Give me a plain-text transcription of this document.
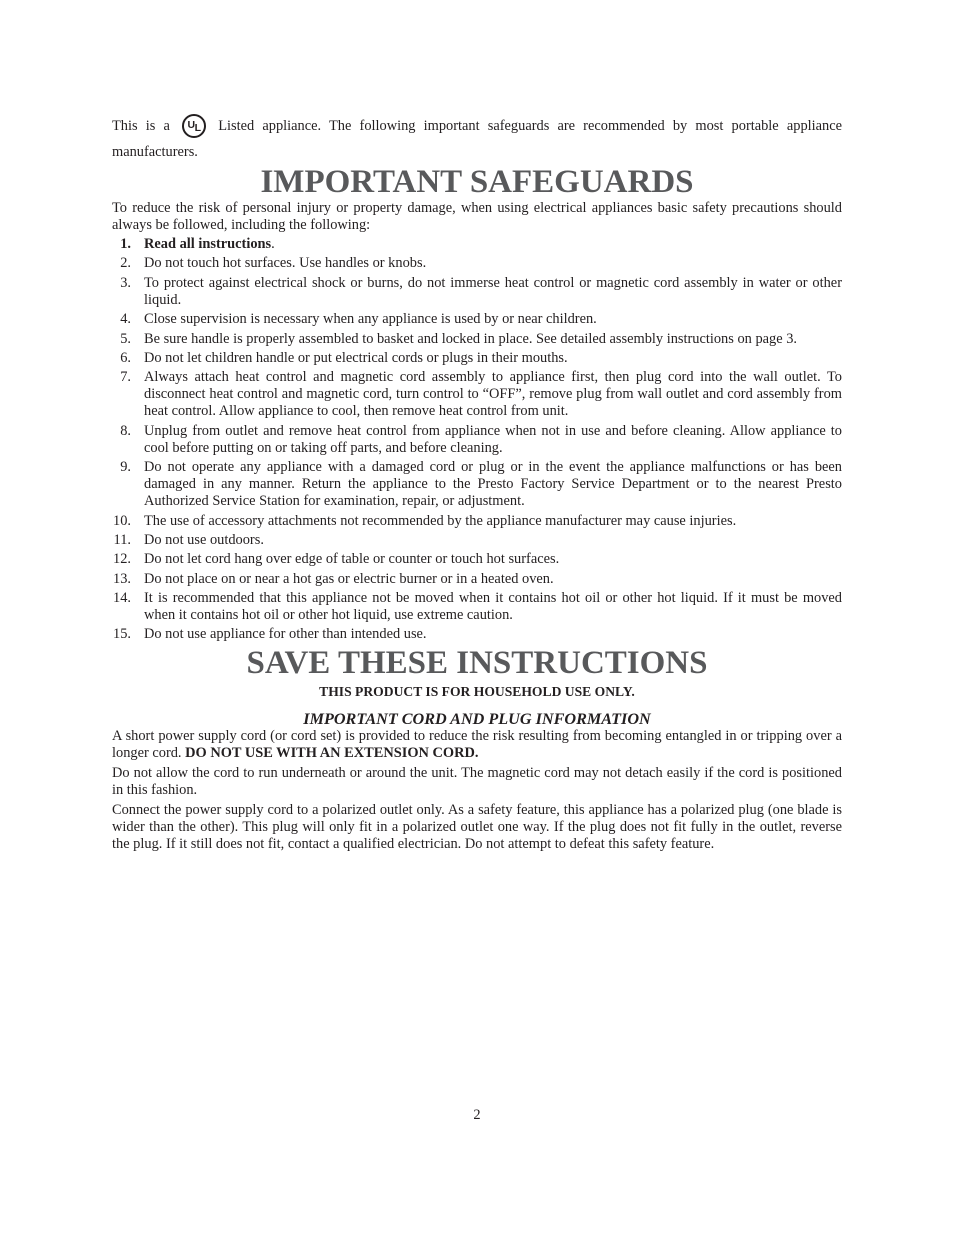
This is a UL Listed appliance. The following important safeguards are recommended by most portable appliance manufacturers.

IMPORTANT SAFEGUARDS

To reduce the risk of personal injury or property damage, when using electrical appliances basic safety precautions should always be followed, including the following:

1. Read all instructions.
2. Do not touch hot surfaces. Use handles or knobs.
3. To protect against electrical shock or burns, do not immerse heat control or magnetic cord assembly in water or other liquid.
4. Close supervision is necessary when any appliance is used by or near children.
5. Be sure handle is properly assembled to basket and locked in place. See detailed assembly instructions on page 3.
6. Do not let children handle or put electrical cords or plugs in their mouths.
7. Always attach heat control and magnetic cord assembly to appliance first, then plug cord into the wall outlet. To disconnect heat control and magnetic cord, turn control to “OFF”, remove plug from wall outlet and cord assembly from heat control. Allow appliance to cool, then remove heat control from unit.
8. Unplug from outlet and remove heat control from appliance when not in use and before cleaning. Allow appliance to cool before putting on or taking off parts, and before cleaning.
9. Do not operate any appliance with a damaged cord or plug or in the event the appliance malfunctions or has been damaged in any manner. Return the appliance to the Presto Factory Service Department or to the nearest Presto Authorized Service Station for examination, repair, or adjustment.
10. The use of accessory attachments not recommended by the appliance manufacturer may cause injuries.
11. Do not use outdoors.
12. Do not let cord hang over edge of table or counter or touch hot surfaces.
13. Do not place on or near a hot gas or electric burner or in a heated oven.
14. It is recommended that this appliance not be moved when it contains hot oil or other hot liquid. If it must be moved when it contains hot oil or other hot liquid, use extreme caution.
15. Do not use appliance for other than intended use.
SAVE THESE INSTRUCTIONS
THIS PRODUCT IS FOR HOUSEHOLD USE ONLY.
IMPORTANT CORD AND PLUG INFORMATION

A short power supply cord (or cord set) is provided to reduce the risk resulting from becoming entangled in or tripping over a longer cord. DO NOT USE WITH AN EXTENSION CORD.

Do not allow the cord to run underneath or around the unit. The magnetic cord may not detach easily if the cord is positioned in this fashion.

Connect the power supply cord to a polarized outlet only. As a safety feature, this appliance has a polarized plug (one blade is wider than the other). This plug will only fit in a polarized outlet one way. If the plug does not fit fully in the outlet, reverse the plug. If it still does not fit, contact a qualified electrician. Do not attempt to defeat this safety feature.

2
